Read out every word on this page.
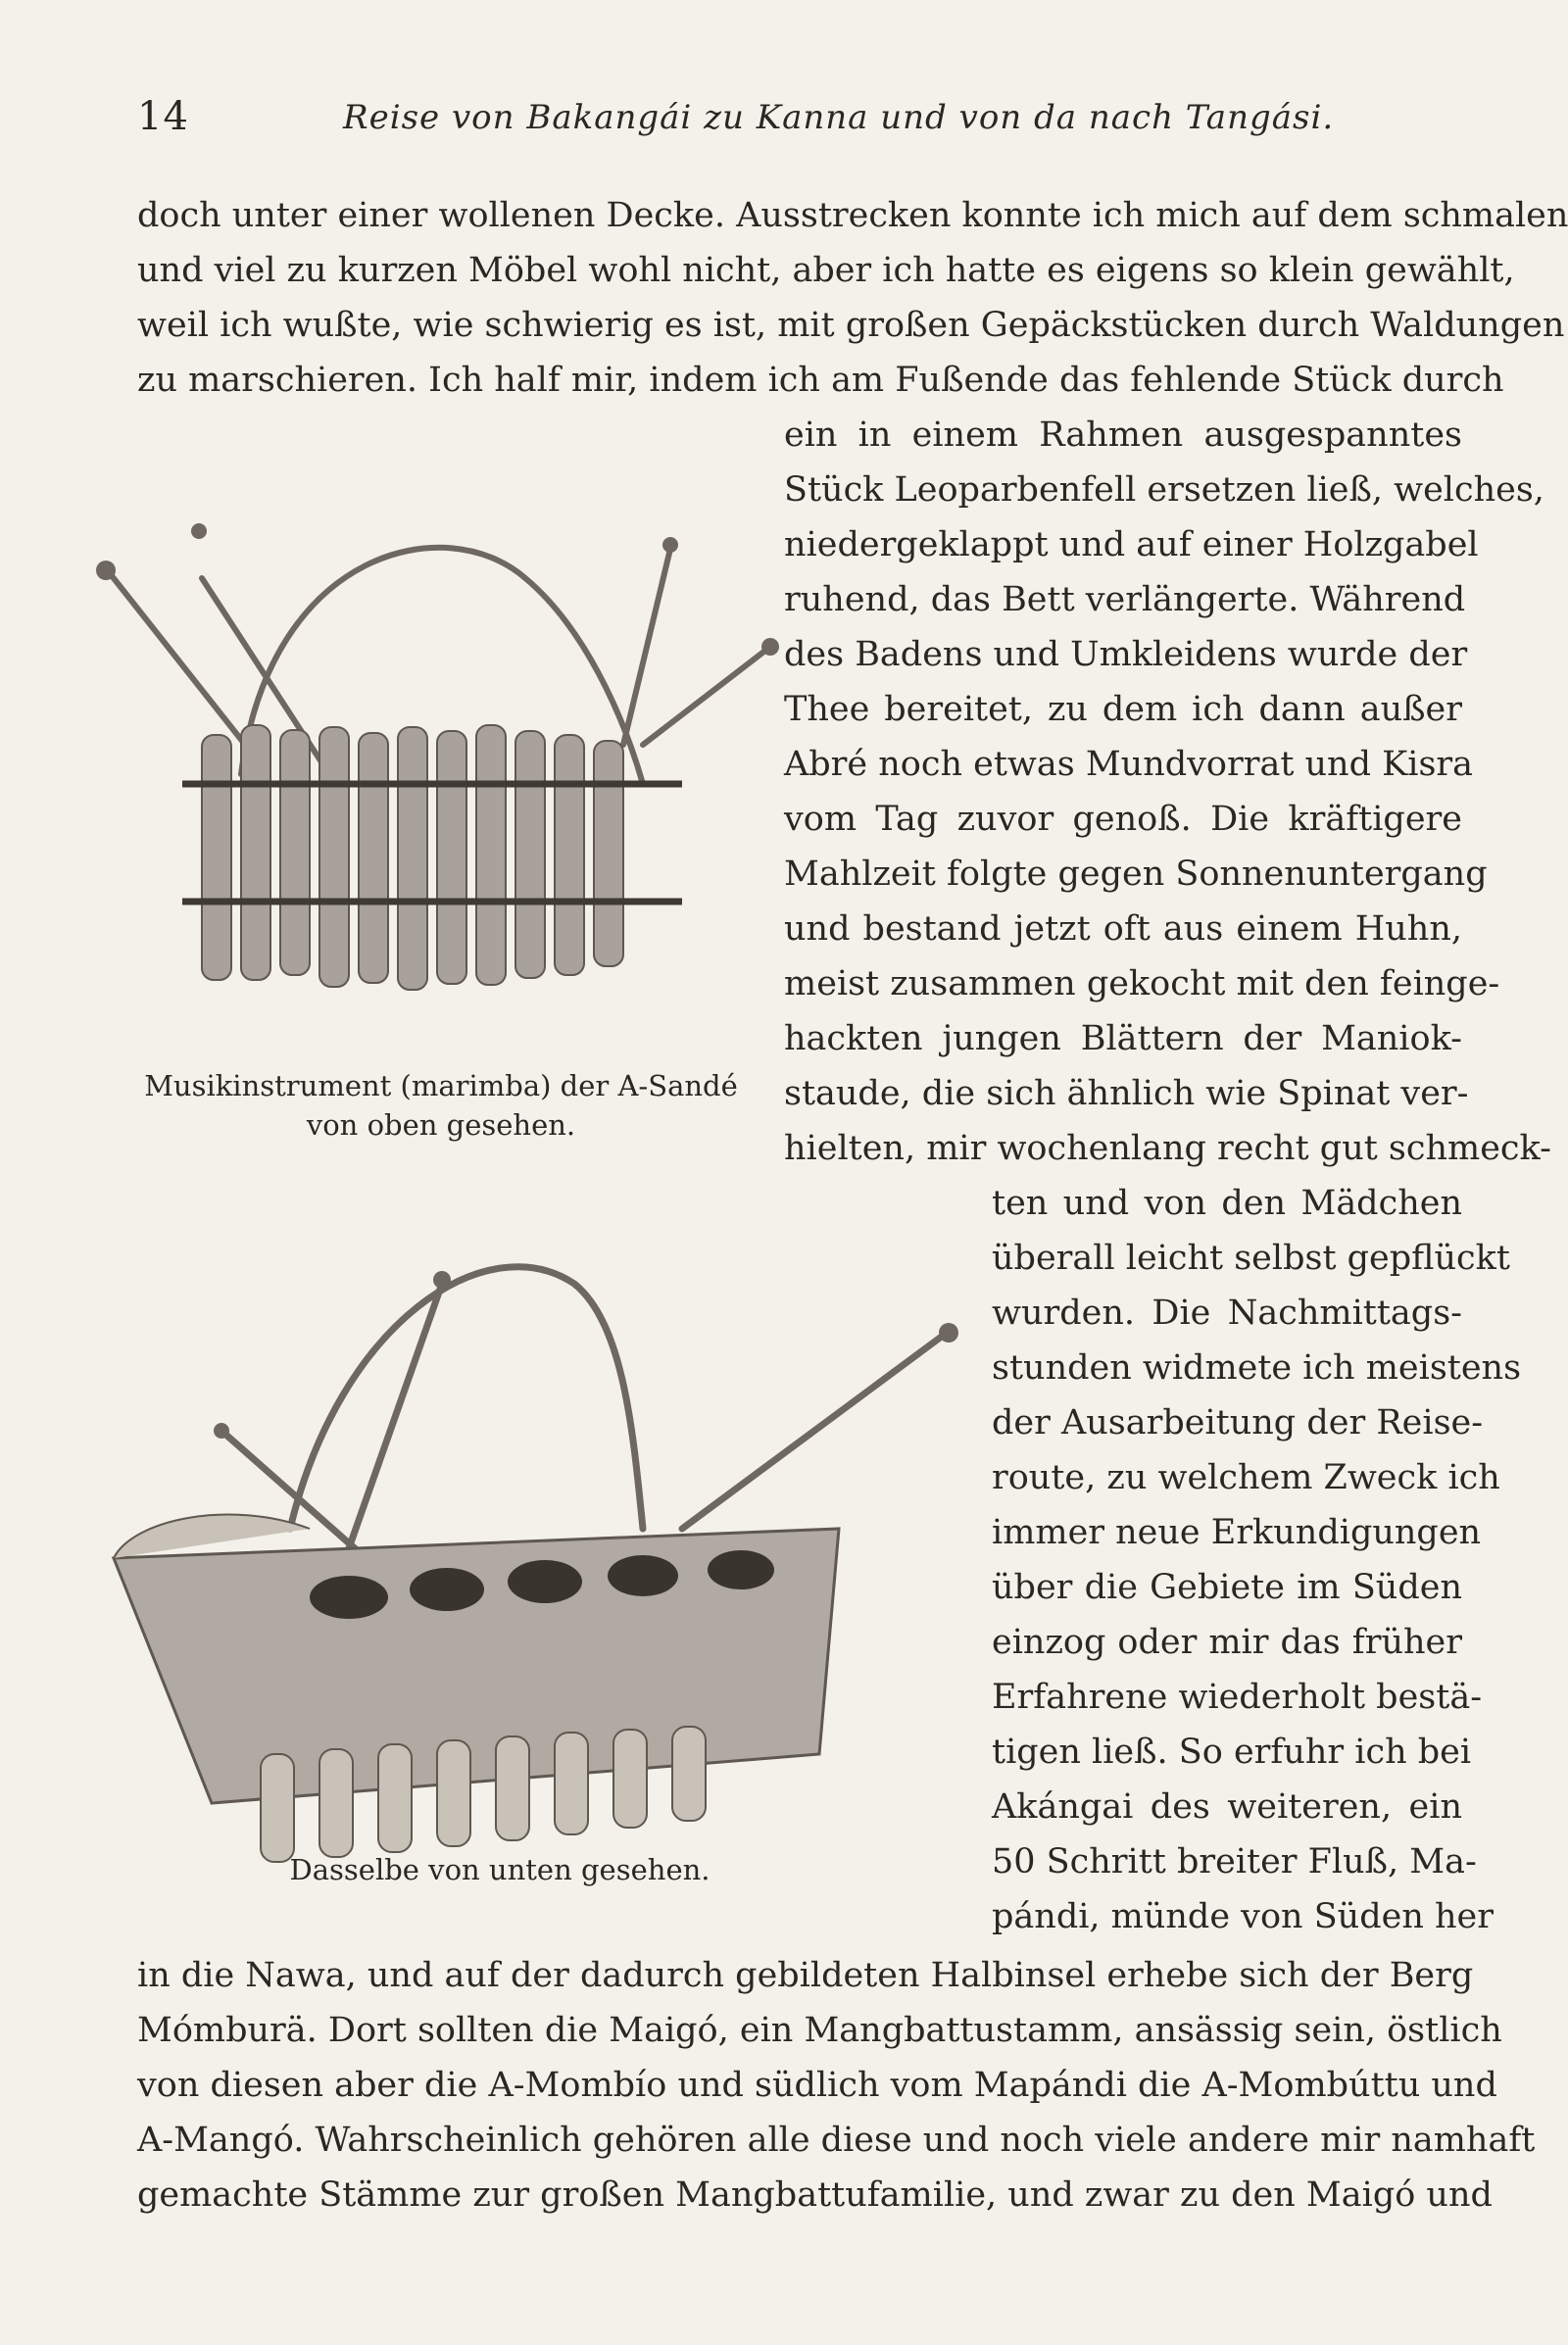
14	Reise von Bakangái zu Kanna und von da nach Tangási.
doch unter einer wollenen Decke. Ausstrecken konnte ich mich auf dem schmalen
und viel zu kurzen Möbel wohl nicht, aber ich hatte es eigens so klein gewählt,
weil ich wußte, wie schwierig es ist, mit großen Gepäckstücken durch Waldungen
zu marschieren. Ich half mir, indem ich am Fußende das fehlende Stück durch
ein in einem Rahmen ausgespanntes
Stück Leoparbenfell ersetzen ließ, welches,
niedergeklappt und auf einer Holzgabel
ruhend, das Bett verlängerte. Während
des Badens und Umkleidens wurde der
Thee bereitet, zu dem ich dann außer
Abré noch etwas Mundvorrat und Kisra
vom Tag zuvor genoß. Die kräftigere
Mahlzeit folgte gegen Sonnenuntergang
und bestand jetzt oft aus einem Huhn,
meist zusammen gekocht mit den feinge-
hackten jungen Blättern der Maniok-
staude, die sich ähnlich wie Spinat ver-
hielten, mir wochenlang recht gut schmeck-
ten und von den Mädchen
überall leicht selbst gepflückt
wurden. Die Nachmittags-
stunden widmete ich meistens
der Ausarbeitung der Reise-
route, zu welchem Zweck ich
immer neue Erkundigungen
über die Gebiete im Süden
einzog oder mir das früher
Erfahrene wiederholt bestä-
tigen ließ. So erfuhr ich bei
Akángai des weiteren, ein
50 Schritt breiter Fluß, Ma-
pándi, münde von Süden her
in die Nawa, und auf der dadurch gebildeten Halbinsel erhebe sich der Berg
Mómburä. Dort sollten die Maigó, ein Mangbattustamm, ansässig sein, östlich
von diesen aber die A-Mombío und südlich vom Mapándi die A-Mombúttu und
A-Mangó. Wahrscheinlich gehören alle diese und noch viele andere mir namhaft
gemachte Stämme zur großen Mangbattufamilie, und zwar zu den Maigó und
Musikinstrument (marimba) der A-Sandé
von oben gesehen.
Dasselbe von unten gesehen.
